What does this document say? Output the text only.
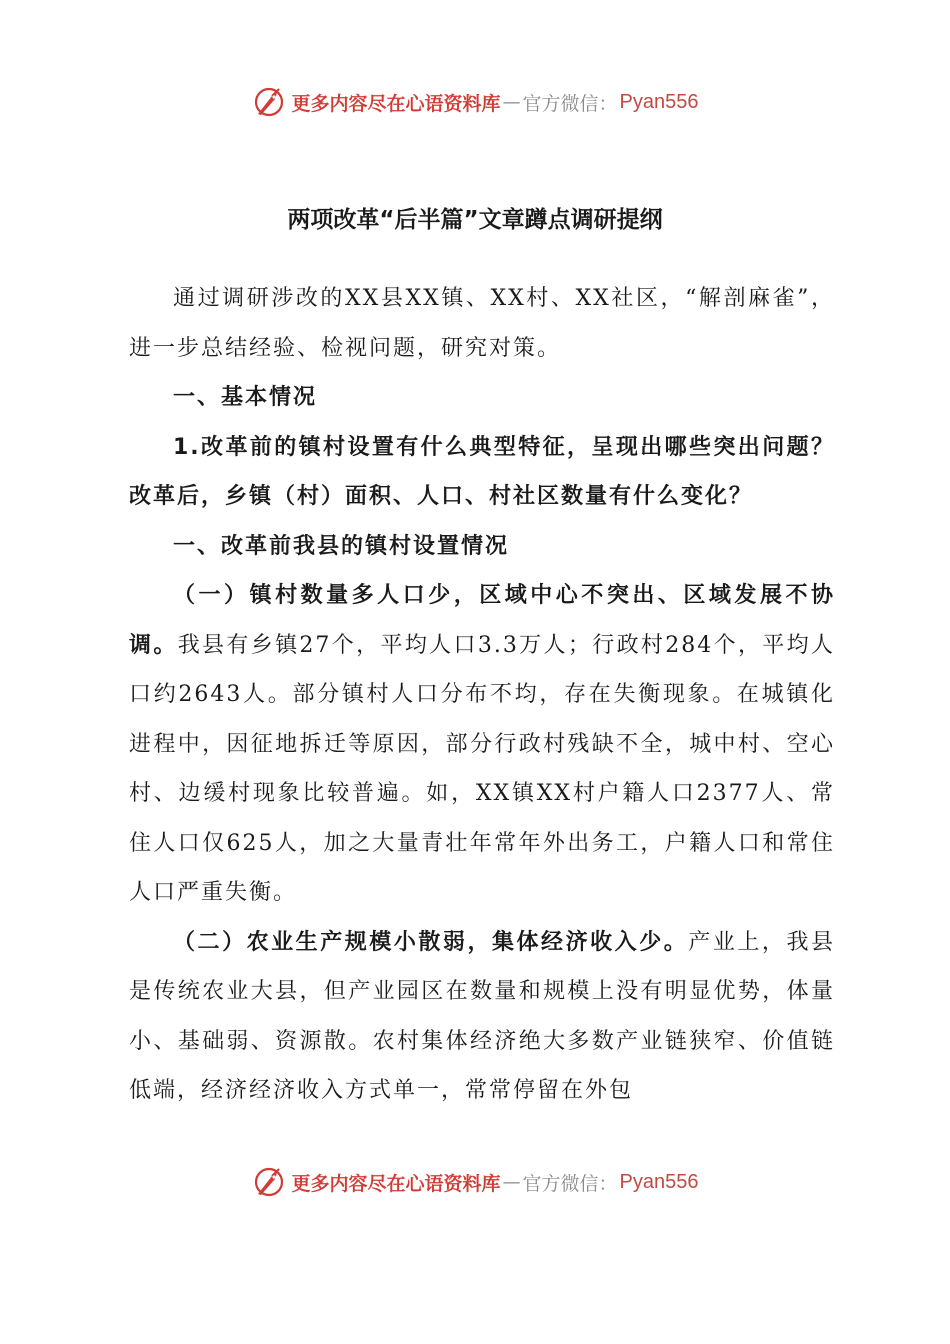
更多内容尽在心语资料库 — 官方微信： Pyan556
两项改革“后半篇”文章蹲点调研提纲

通过调研涉改的XX县XX镇、XX村、XX社区，“解剖麻雀”，进一步总结经验、检视问题，研究对策。

一、基本情况

1.改革前的镇村设置有什么典型特征，呈现出哪些突出问题？改革后，乡镇（村）面积、人口、村社区数量有什么变化？

一、改革前我县的镇村设置情况

（一）镇村数量多人口少，区域中心不突出、区域发展不协调。我县有乡镇27个，平均人口3.3万人；行政村284个，平均人口约2643人。部分镇村人口分布不均，存在失衡现象。在城镇化进程中，因征地拆迁等原因，部分行政村残缺不全，城中村、空心村、边缓村现象比较普遍。如，XX镇XX村户籍人口2377人、常住人口仅625人，加之大量青壮年常年外出务工，户籍人口和常住人口严重失衡。

（二）农业生产规模小散弱，集体经济收入少。产业上，我县是传统农业大县，但产业园区在数量和规模上没有明显优势，体量小、基础弱、资源散。农村集体经济绝大多数产业链狭窄、价值链低端，经济经济收入方式单一，常常停留在外包

更多内容尽在心语资料库 — 官方微信： Pyan556
